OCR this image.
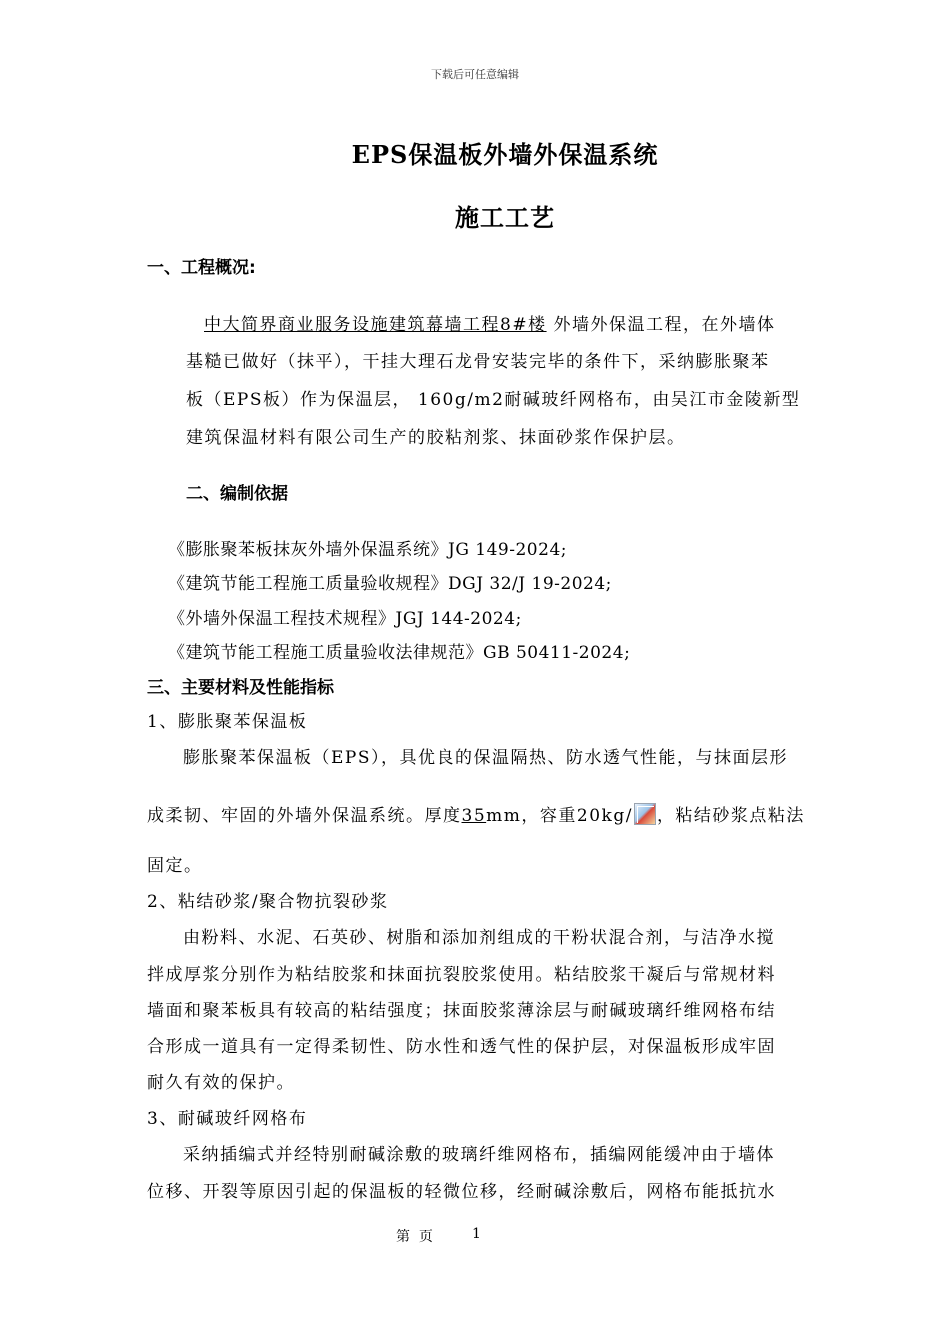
下载后可任意编辑
EPS保温板外墙外保温系统
施工工艺
一、工程概况:
中大简界商业服务设施建筑幕墙工程8#楼 外墙外保温工程，在外墙体
基糙已做好（抹平），干挂大理石龙骨安装完毕的条件下，采纳膨胀聚苯
板（EPS板）作为保温层， 160g/m2耐碱玻纤网格布，由吴江市金陵新型
建筑保温材料有限公司生产的胶粘剂浆、抹面砂浆作保护层。
二、编制依据
《膨胀聚苯板抹灰外墙外保温系统》JG 149-2024;
《建筑节能工程施工质量验收规程》DGJ 32/J 19-2024;
《外墙外保温工程技术规程》JGJ 144-2024;
《建筑节能工程施工质量验收法律规范》GB 50411-2024;
三、主要材料及性能指标
1、膨胀聚苯保温板
膨胀聚苯保温板（EPS），具优良的保温隔热、防水透气性能，与抹面层形
成柔韧、牢固的外墙外保温系统。厚度35mm，容重20kg/ ，粘结砂浆点粘法
固定。
2、粘结砂浆/聚合物抗裂砂浆
由粉料、水泥、石英砂、树脂和添加剂组成的干粉状混合剂，与洁净水搅
拌成厚浆分别作为粘结胶浆和抹面抗裂胶浆使用。粘结胶浆干凝后与常规材料
墙面和聚苯板具有较高的粘结强度；抹面胶浆薄涂层与耐碱玻璃纤维网格布结
合形成一道具有一定得柔韧性、防水性和透气性的保护层，对保温板形成牢固
耐久有效的保护。
3、耐碱玻纤网格布
采纳插编式并经特别耐碱涂敷的玻璃纤维网格布，插编网能缓冲由于墙体
位移、开裂等原因引起的保温板的轻微位移，经耐碱涂敷后，网格布能抵抗水
第  页	1
